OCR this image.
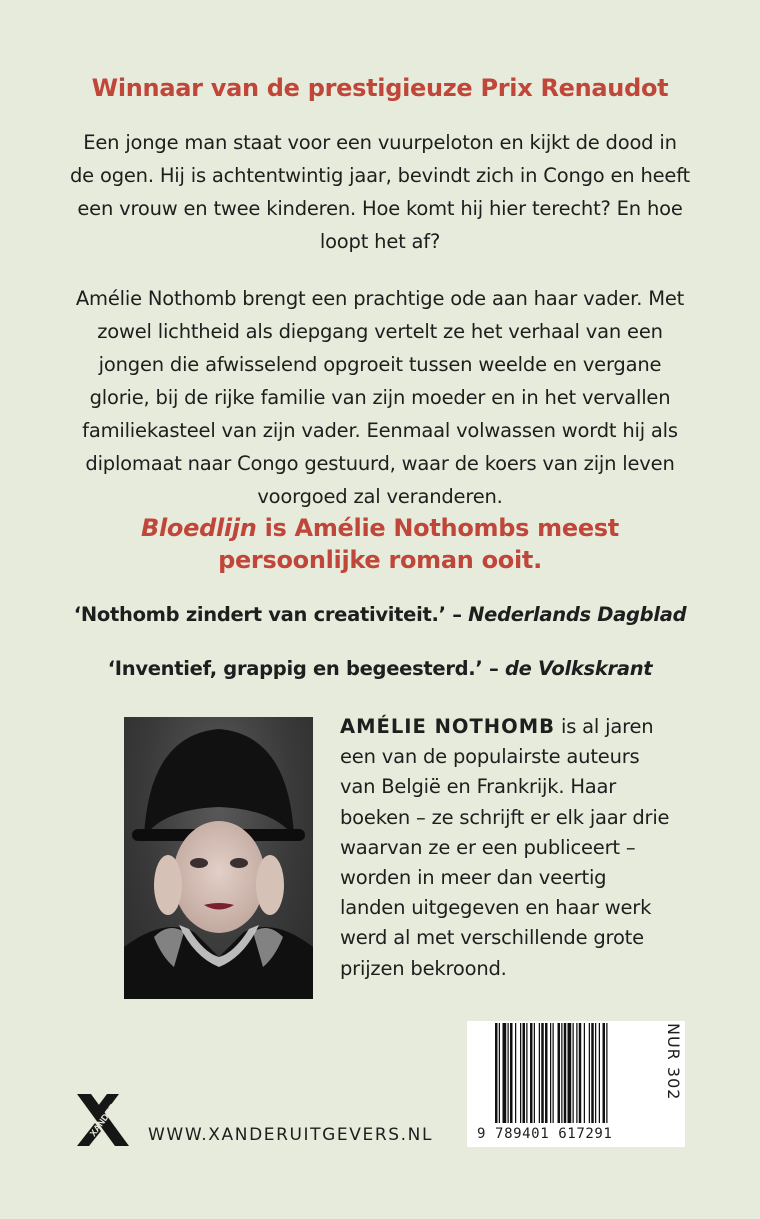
Winnaar van de prestigieuze Prix Renaudot
Een jonge man staat voor een vuurpeloton en kijkt de dood in de ogen. Hij is achtentwintig jaar, bevindt zich in Congo en heeft een vrouw en twee kinderen. Hoe komt hij hier terecht? En hoe loopt het af?
Amélie Nothomb brengt een prachtige ode aan haar vader. Met zowel lichtheid als diepgang vertelt ze het verhaal van een jongen die afwisselend opgroeit tussen weelde en vergane glorie, bij de rijke familie van zijn moeder en in het vervallen familiekasteel van zijn vader. Eenmaal volwassen wordt hij als diplomaat naar Congo gestuurd, waar de koers van zijn leven voorgoed zal veranderen.
Bloedlijn is Amélie Nothombs meest persoonlijke roman ooit.
‘Nothomb zindert van creativiteit.’ – Nederlands Dagblad
‘Inventief, grappig en begeesterd.’ – de Volkskrant
AMÉLIE NOTHOMB is al jaren een van de populairste auteurs van België en Frankrijk. Haar boeken – ze schrijft er elk jaar drie waarvan ze er een publiceert – worden in meer dan veertig landen uitgegeven en haar werk werd al met verschillende grote prijzen bekroond.
9 789401 617291
NUR 302
XANDER WWW.XANDERUITGEVERS.NL
